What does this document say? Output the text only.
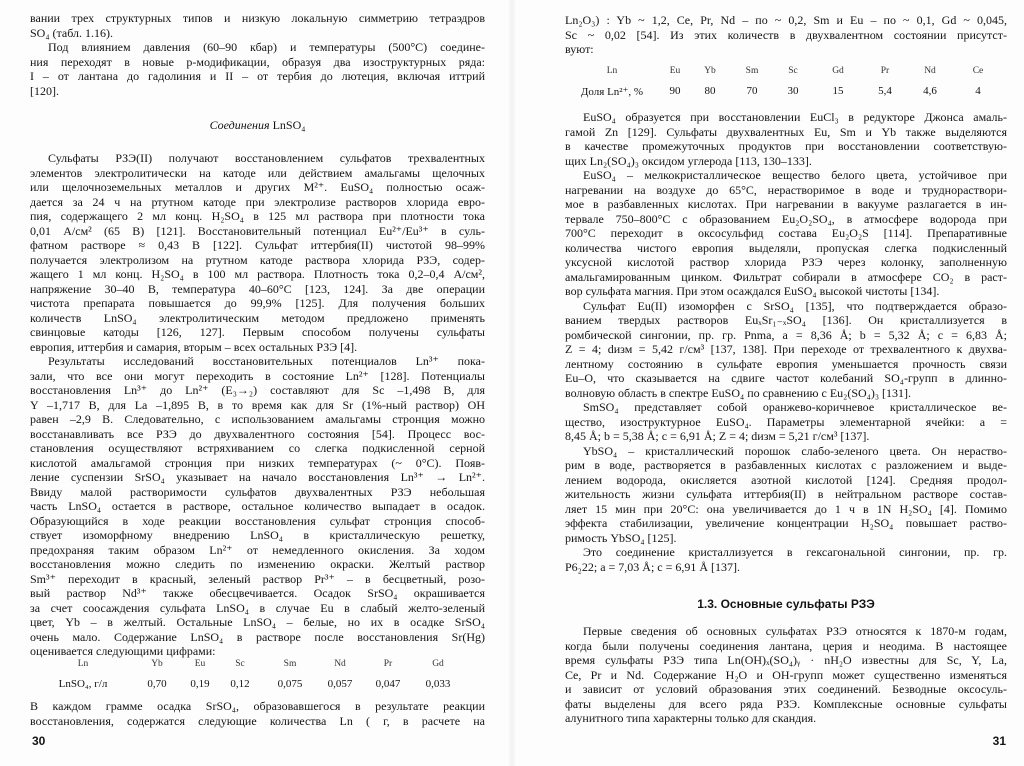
вании трех структурных типов и низкую локальную симметрию тетраэдров
SO₄ (табл. 1.16).
Под влиянием давления (60–90 кбар) и температуры (500°С) соедине-
ния переходят в новые p-модификации, образуя два изоструктурных ряда:
I – от лантана до гадолиния и II – от тербия до лютеция, включая иттрий
[120].
Соединения LnSO₄
Сульфаты РЗЭ(II) получают восстановлением сульфатов трехвалентных
элементов электролитически на катоде или действием амальгамы щелочных
или щелочноземельных металлов и других M²⁺. EuSO₄ полностью осаж-
дается за 24 ч на ртутном катоде при электролизе растворов хлорида евро-
пия, содержащего 2 мл конц. H₂SO₄ в 125 мл раствора при плотности тока
0,01 А/см² (65 В) [121]. Восстановительный потенциал Eu²⁺/Eu³⁺ в суль-
фатном растворе ≈ 0,43 В [122]. Сульфат иттербия(II) чистотой 98–99%
получается электролизом на ртутном катоде раствора хлорида РЗЭ, содер-
жащего 1 мл конц. H₂SO₄ в 100 мл раствора. Плотность тока 0,2–0,4 А/см²,
напряжение 30–40 В, температура 40–60°С [123, 124]. За две операции
чистота препарата повышается до 99,9% [125]. Для получения больших
количеств LnSO₄ электролитическим методом предложено применять
свинцовые катоды [126, 127]. Первым способом получены сульфаты
европия, иттербия и самария, вторым – всех остальных РЗЭ [4].
Результаты исследований восстановительных потенциалов Ln³⁺ пока-
зали, что все они могут переходить в состояние Ln²⁺ [128]. Потенциалы
восстановления Ln³⁺ до Ln²⁺ (E₃→₂) составляют для Sc –1,498 В, для
Y –1,717 В, для La –1,895 В, в то время как для Sr (1%-ный раствор) ОН
равен –2,9 В. Следовательно, с использованием амальгамы стронция можно
восстанавливать все РЗЭ до двухвалентного состояния [54]. Процесс вос-
становления осуществляют встряхиванием со слегка подкисленной серной
кислотой амальгамой стронция при низких температурах (~ 0°С). Появ-
ление суспензии SrSO₄ указывает на начало восстановления Ln³⁺ → Ln²⁺.
Ввиду малой растворимости сульфатов двухвалентных РЗЭ небольшая
часть LnSO₄ остается в растворе, остальное количество выпадает в осадок.
Образующийся в ходе реакции восстановления сульфат стронция способ-
ствует изоморфному внедрению LnSO₄ в кристаллическую решетку,
предохраняя таким образом Ln²⁺ от немедленного окисления. За ходом
восстановления можно следить по изменению окраски. Желтый раствор
Sm³⁺ переходит в красный, зеленый раствор Pr³⁺ – в бесцветный, розо-
вый раствор Nd³⁺ также обесцвечивается. Осадок SrSO₄ окрашивается
за счет соосаждения сульфата LnSO₄ в случае Eu в слабый желто-зеленый
цвет, Yb – в желтый. Остальные LnSO₄ – белые, но их в осадке SrSO₄
очень мало. Содержание LnSO₄ в растворе после восстановления Sr(Hg)
оценивается следующими цифрами:
Ln	Yb	Eu	Sc	Sm	Nd	Pr	Gd
LnSO₄, г/л	0,70 0,19 0,12	0,075 0,057 0,047 0,033
В каждом грамме осадка SrSO₄, образовавшегося в результате реакции
восстановления, содержатся следующие количества Ln ( г, в расчете на
30
Ln₂O₃) : Yb ~ 1,2, Ce, Pr, Nd – по ~ 0,2, Sm и Eu – по ~ 0,1, Gd ~ 0,045,
Sc ~ 0,02 [54]. Из этих количеств в двухвалентном состоянии присутст-
вуют:
Ln	Eu	Yb	Sm	Sc	Gd	Pr	Nd	Ce
Доля Ln²⁺, % 90 80	70	30	15	5,4	4,6	4
EuSO₄ образуется при восстановлении EuCl₃ в редукторе Джонса амаль-
гамой Zn [129]. Сульфаты двухвалентных Eu, Sm и Yb также выделяются
в качестве промежуточных продуктов при восстановлении соответствую-
щих Ln₂(SO₄)₃ оксидом углерода [113, 130–133].
EuSO₄ – мелкокристаллическое вещество белого цвета, устойчивое при
нагревании на воздухе до 65°С, нерастворимое в воде и труднораствори-
мое в разбавленных кислотах. При нагревании в вакууме разлагается в ин-
тервале 750–800°С с образованием Eu₂O₂SO₄, в атмосфере водорода при
700°С переходит в оксосульфид состава Eu₂O₂S [114]. Препаративные
количества чистого европия выделяли, пропуская слегка подкисленный
уксусной кислотой раствор хлорида РЗЭ через колонку, заполненную
амальгамированным цинком. Фильтрат собирали в атмосфере CO₂ в раст-
вор сульфата магния. При этом осаждался EuSO₄ высокой чистоты [134].
Сульфат Eu(II) изоморфен с SrSO₄ [135], что подтверждается образо-
ванием твердых растворов EuₓSr₁₋ₓSO₄ [136]. Он кристаллизуется в
ромбической сингонии, пр. гр. Pnma, a = 8,36 Å; b = 5,32 Å; c = 6,83 Å;
Z = 4; dизм = 5,42 г/см³ [137, 138]. При переходе от трехвалентного к двухва-
лентному состоянию в сульфате европия уменьшается прочность связи
Eu–O, что сказывается на сдвиге частот колебаний SO₄-групп в длинно-
волновую область в спектре EuSO₄ по сравнению с Eu₂(SO₄)₃ [131].
SmSO₄ представляет собой оранжево-коричневое кристаллическое ве-
щество, изоструктурное EuSO₄. Параметры элементарной ячейки: a =
8,45 Å; b = 5,38 Å; c = 6,91 Å; Z = 4; dизм = 5,21 г/см³ [137].
YbSO₄ – кристаллический порошок слабо-зеленого цвета. Он нераство-
рим в воде, растворяется в разбавленных кислотах с разложением и выде-
лением водорода, окисляется азотной кислотой [124]. Средняя продол-
жительность жизни сульфата иттербия(II) в нейтральном растворе состав-
ляет 15 мин при 20°С: она увеличивается до 1 ч в 1N H₂SO₄ [4]. Помимо
эффекта стабилизации, увеличение концентрации H₂SO₄ повышает раство-
римость YbSO₄ [125].
Это соединение кристаллизуется в гексагональной сингонии, пр. гр.
P6₂22; a = 7,03 Å; c = 6,91 Å [137].
1.3. Основные сульфаты РЗЭ
Первые сведения об основных сульфатах РЗЭ относятся к 1870-м годам,
когда были получены соединения лантана, церия и неодима. В настоящее
время сульфаты РЗЭ типа Ln(OH)ₓ(SO₄)ᵧ · nH₂O известны для Sc, Y, La,
Ce, Pr и Nd. Содержание H₂O и OH-групп может существенно изменяться
и зависит от условий образования этих соединений. Безводные оксосуль-
фаты выделены для всего ряда РЗЭ. Комплексные основные сульфаты
алунитного типа характерны только для скандия.
31
